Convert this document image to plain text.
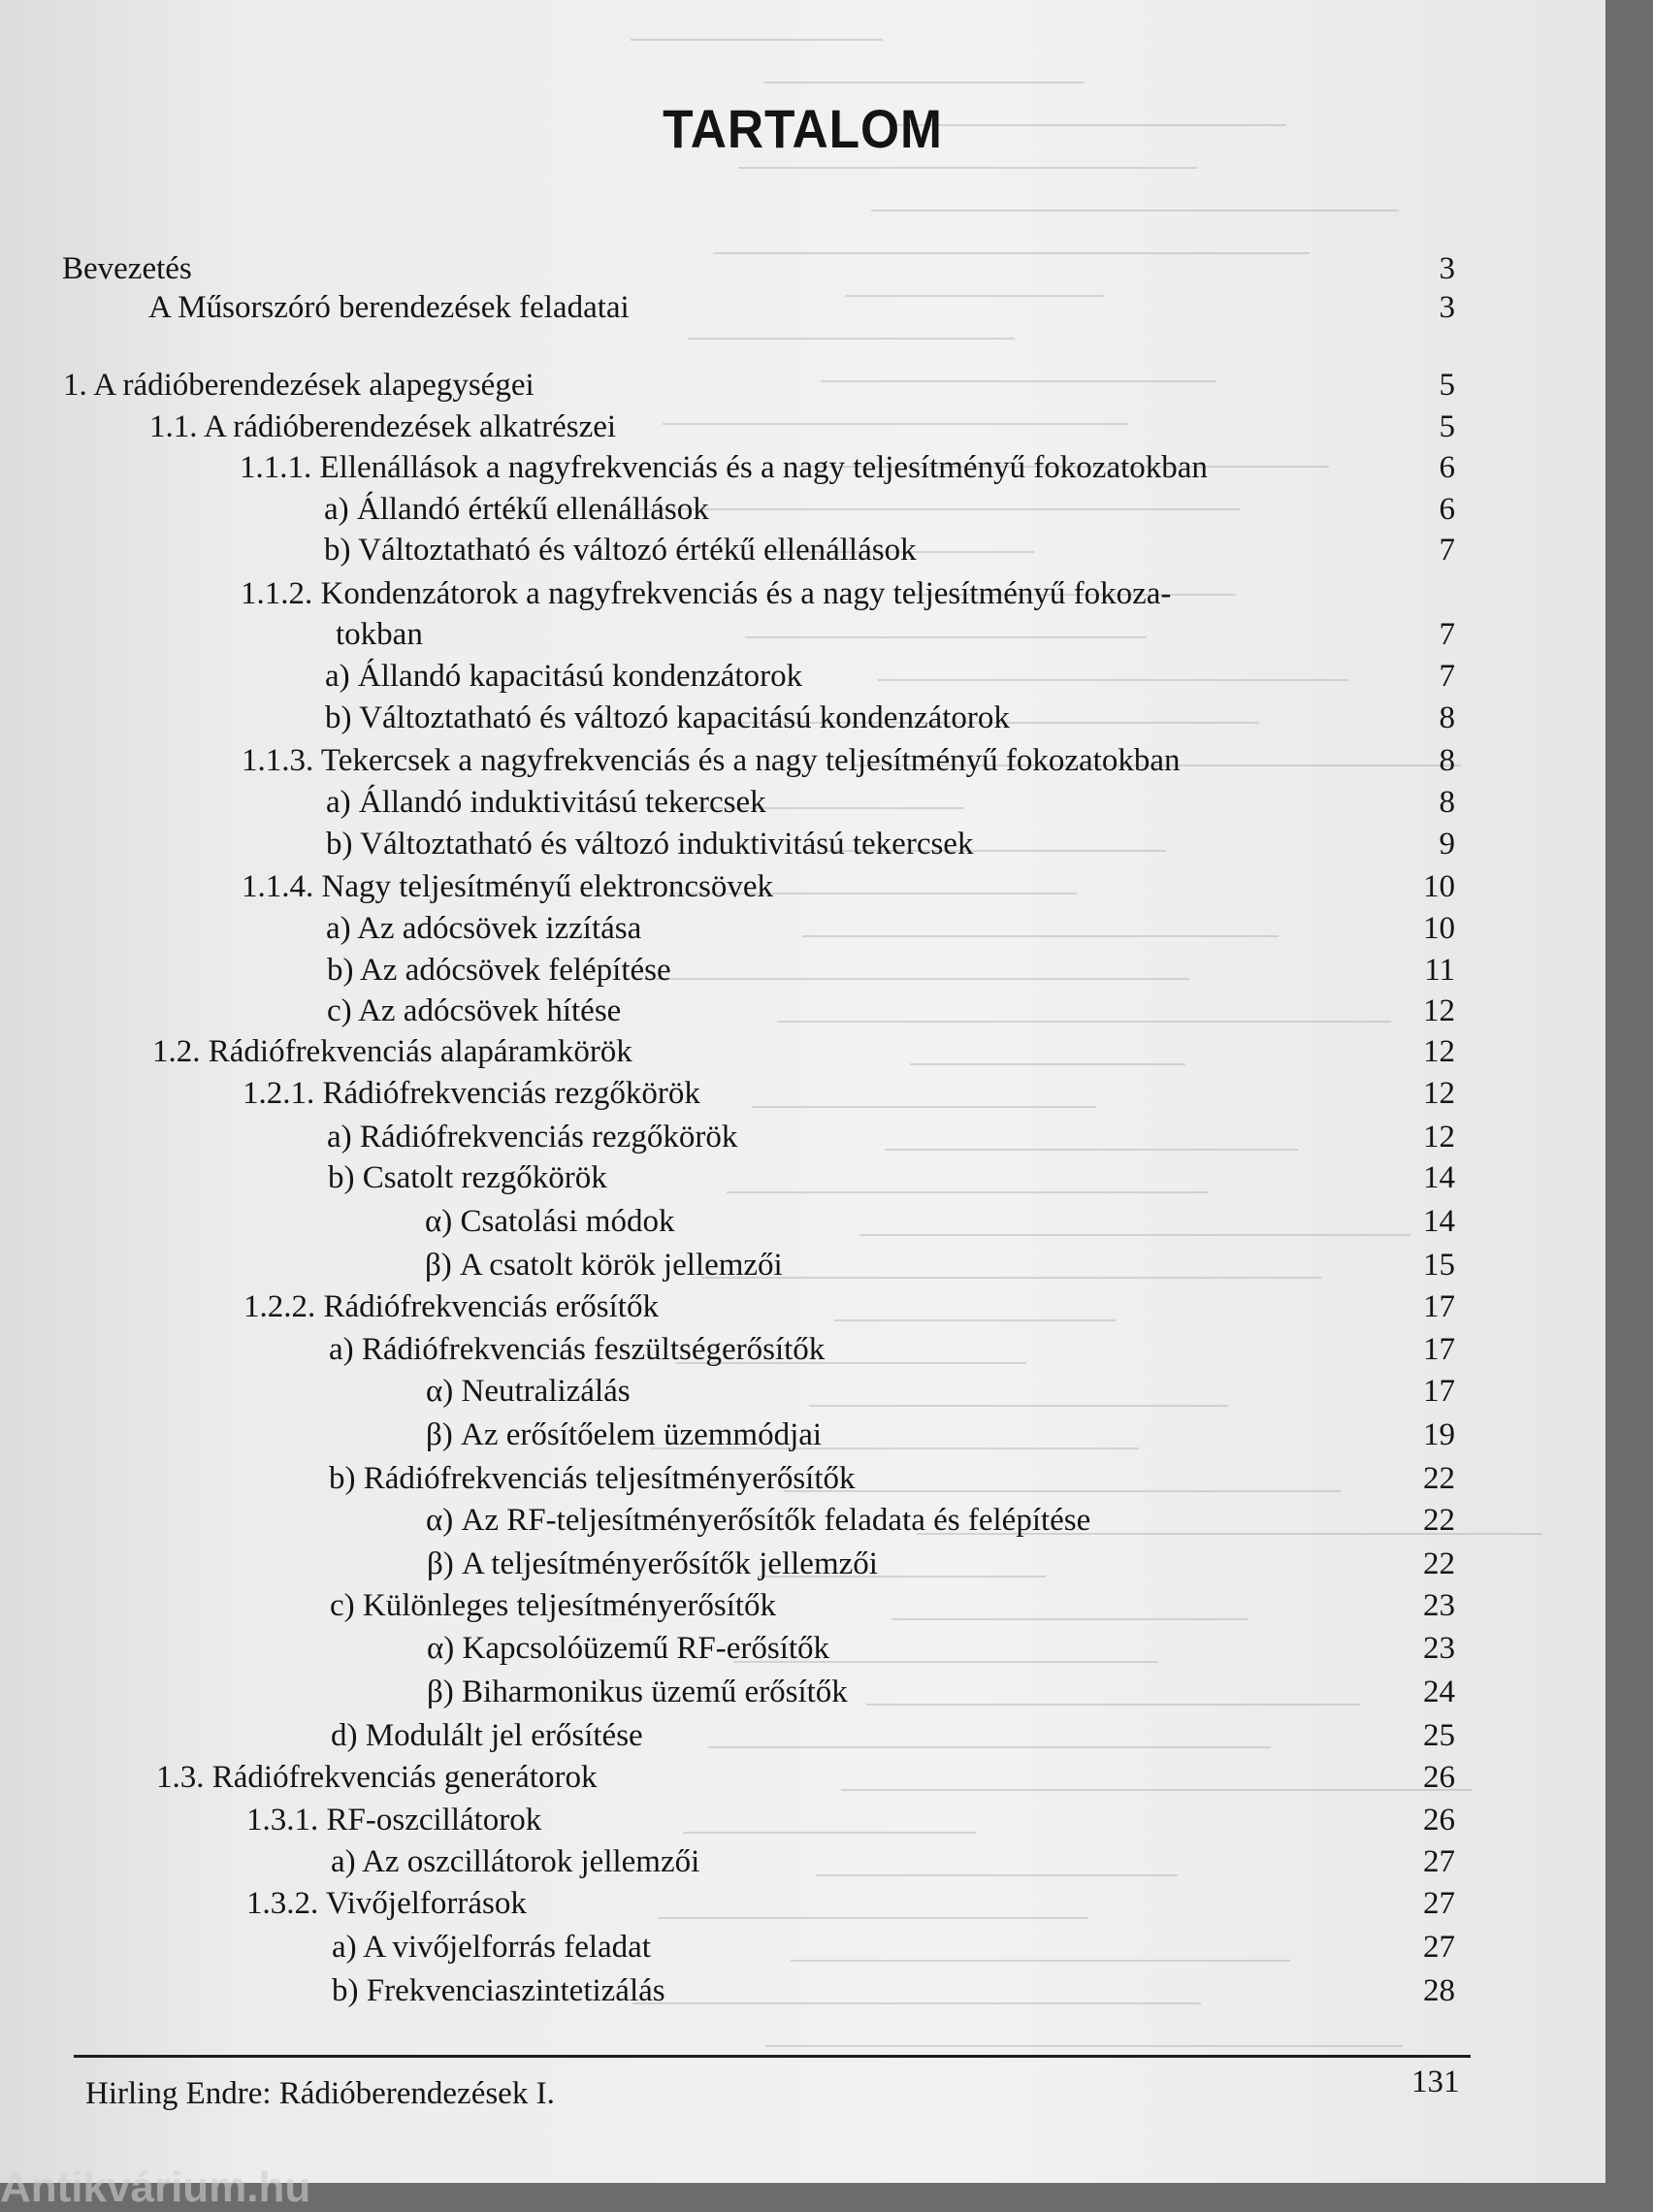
TARTALOM
Bevezetés	3
A Műsorszóró berendezések feladatai	3
1. A rádióberendezések alapegységei	5
1.1. A rádióberendezések alkatrészei	5
1.1.1. Ellenállások a nagyfrekvenciás és a nagy teljesítményű fokozatokban	6
a) Állandó értékű ellenállások	6
b) Változtatható és változó értékű ellenállások	7
1.1.2. Kondenzátorok a nagyfrekvenciás és a nagy teljesítményű fokoza-
tokban	7
a) Állandó kapacitású kondenzátorok	7
b) Változtatható és változó kapacitású kondenzátorok	8
1.1.3. Tekercsek a nagyfrekvenciás és a nagy teljesítményű fokozatokban	8
a) Állandó induktivitású tekercsek	8
b) Változtatható és változó induktivitású tekercsek	9
1.1.4. Nagy teljesítményű elektroncsövek	10
a) Az adócsövek izzítása	10
b) Az adócsövek felépítése	11
c) Az adócsövek hítése	12
1.2. Rádiófrekvenciás alapáramkörök	12
1.2.1. Rádiófrekvenciás rezgőkörök	12
a) Rádiófrekvenciás rezgőkörök	12
b) Csatolt rezgőkörök	14
α) Csatolási módok	14
β) A csatolt körök jellemzői	15
1.2.2. Rádiófrekvenciás erősítők	17
a) Rádiófrekvenciás feszültségerősítők	17
α) Neutralizálás	17
β) Az erősítőelem üzemmódjai	19
b) Rádiófrekvenciás teljesítményerősítők	22
α) Az RF-teljesítményerősítők feladata és felépítése	22
β) A teljesítményerősítők jellemzői	22
c) Különleges teljesítményerősítők	23
α) Kapcsolóüzemű RF-erősítők	23
β) Biharmonikus üzemű erősítők	24
d) Modulált jel erősítése	25
1.3. Rádiófrekvenciás generátorok	26
1.3.1. RF-oszcillátorok	26
a) Az oszcillátorok jellemzői	27
1.3.2. Vivőjelforrások	27
a) A vivőjelforrás feladat	27
b) Frekvenciaszintetizálás	28
Hirling Endre: Rádióberendezések I.	131
Antikvárium.hu
